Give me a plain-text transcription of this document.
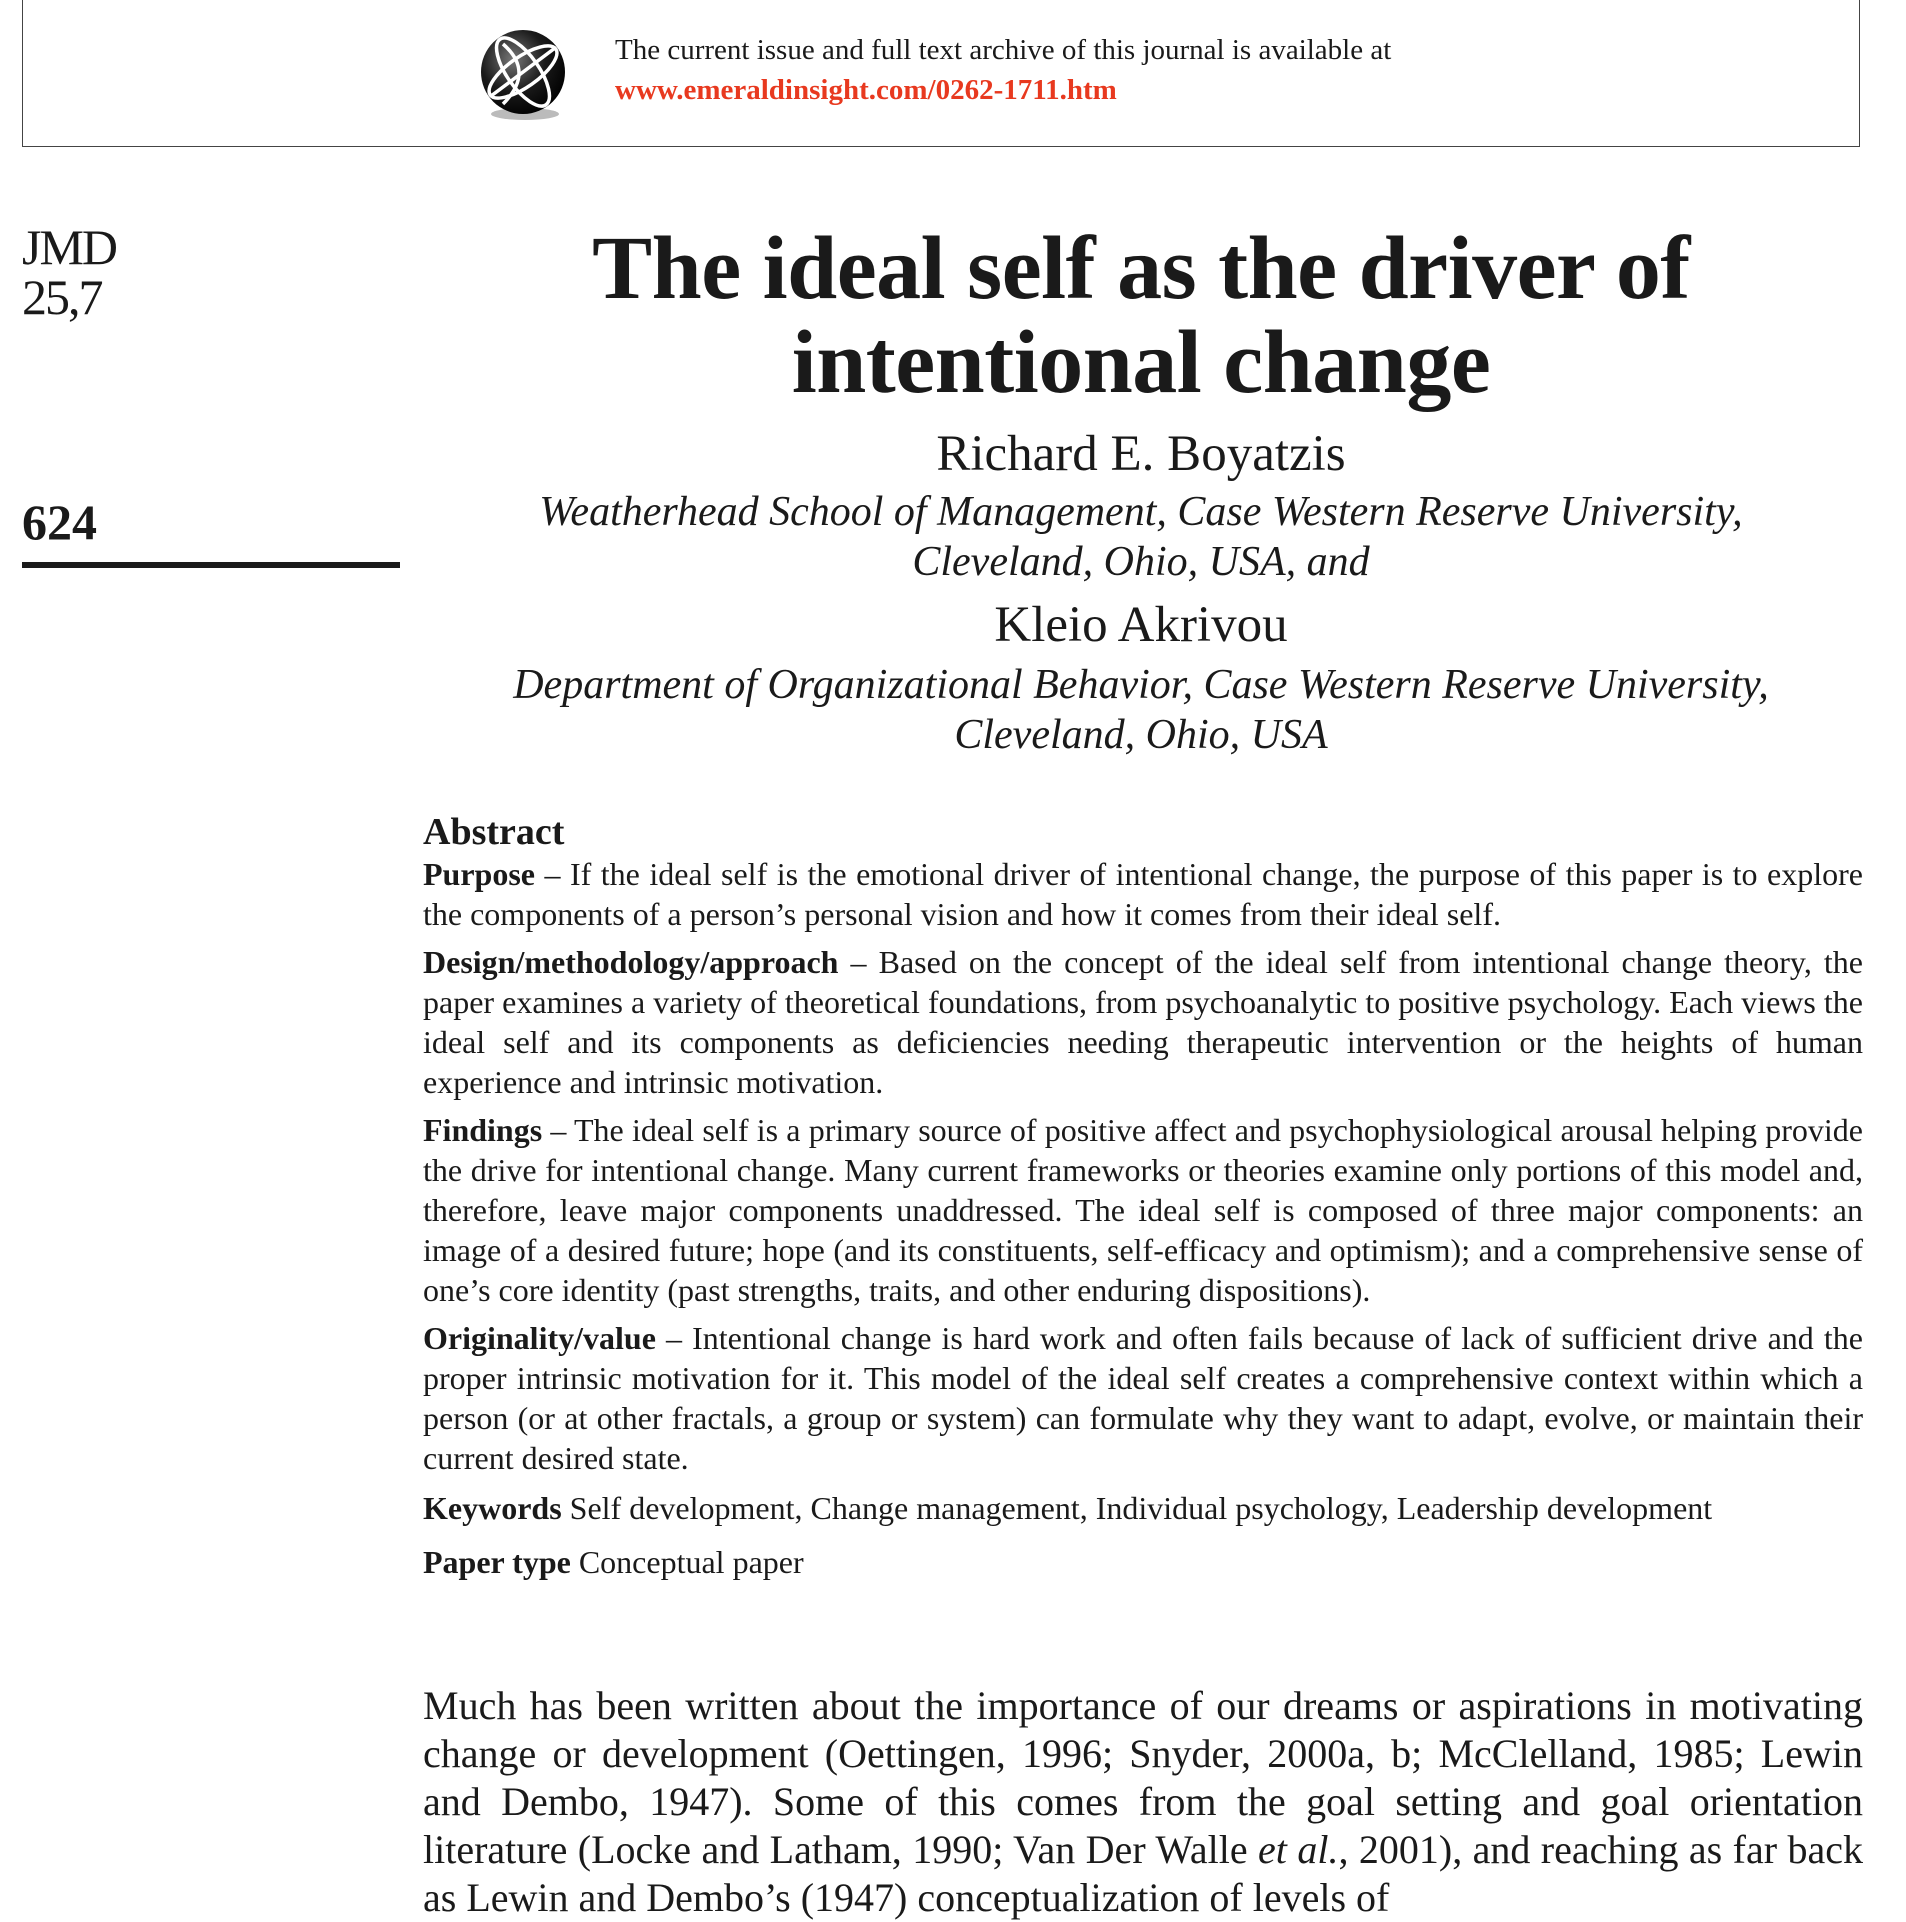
The current issue and full text archive of this journal is available at
www.emeraldinsight.com/0262-1711.htm
JMD
25,7
624
The ideal self as the driver of
intentional change
Richard E. Boyatzis
Weatherhead School of Management, Case Western Reserve University,
Cleveland, Ohio, USA, and
Kleio Akrivou
Department of Organizational Behavior, Case Western Reserve University,
Cleveland, Ohio, USA
Abstract
Purpose – If the ideal self is the emotional driver of intentional change, the purpose of this paper is to explore the components of a person’s personal vision and how it comes from their ideal self.
Design/methodology/approach – Based on the concept of the ideal self from intentional change theory, the paper examines a variety of theoretical foundations, from psychoanalytic to positive psychology. Each views the ideal self and its components as deficiencies needing therapeutic intervention or the heights of human experience and intrinsic motivation.
Findings – The ideal self is a primary source of positive affect and psychophysiological arousal helping provide the drive for intentional change. Many current frameworks or theories examine only portions of this model and, therefore, leave major components unaddressed. The ideal self is composed of three major components: an image of a desired future; hope (and its constituents, self-efficacy and optimism); and a comprehensive sense of one’s core identity (past strengths, traits, and other enduring dispositions).
Originality/value – Intentional change is hard work and often fails because of lack of sufficient drive and the proper intrinsic motivation for it. This model of the ideal self creates a comprehensive context within which a person (or at other fractals, a group or system) can formulate why they want to adapt, evolve, or maintain their current desired state.
Keywords Self development, Change management, Individual psychology, Leadership development
Paper type Conceptual paper
Much has been written about the importance of our dreams or aspirations in motivating change or development (Oettingen, 1996; Snyder, 2000a, b; McClelland, 1985; Lewin and Dembo, 1947). Some of this comes from the goal setting and goal orientation literature (Locke and Latham, 1990; Van Der Walle et al., 2001), and reaching as far back as Lewin and Dembo’s (1947) conceptualization of levels of
